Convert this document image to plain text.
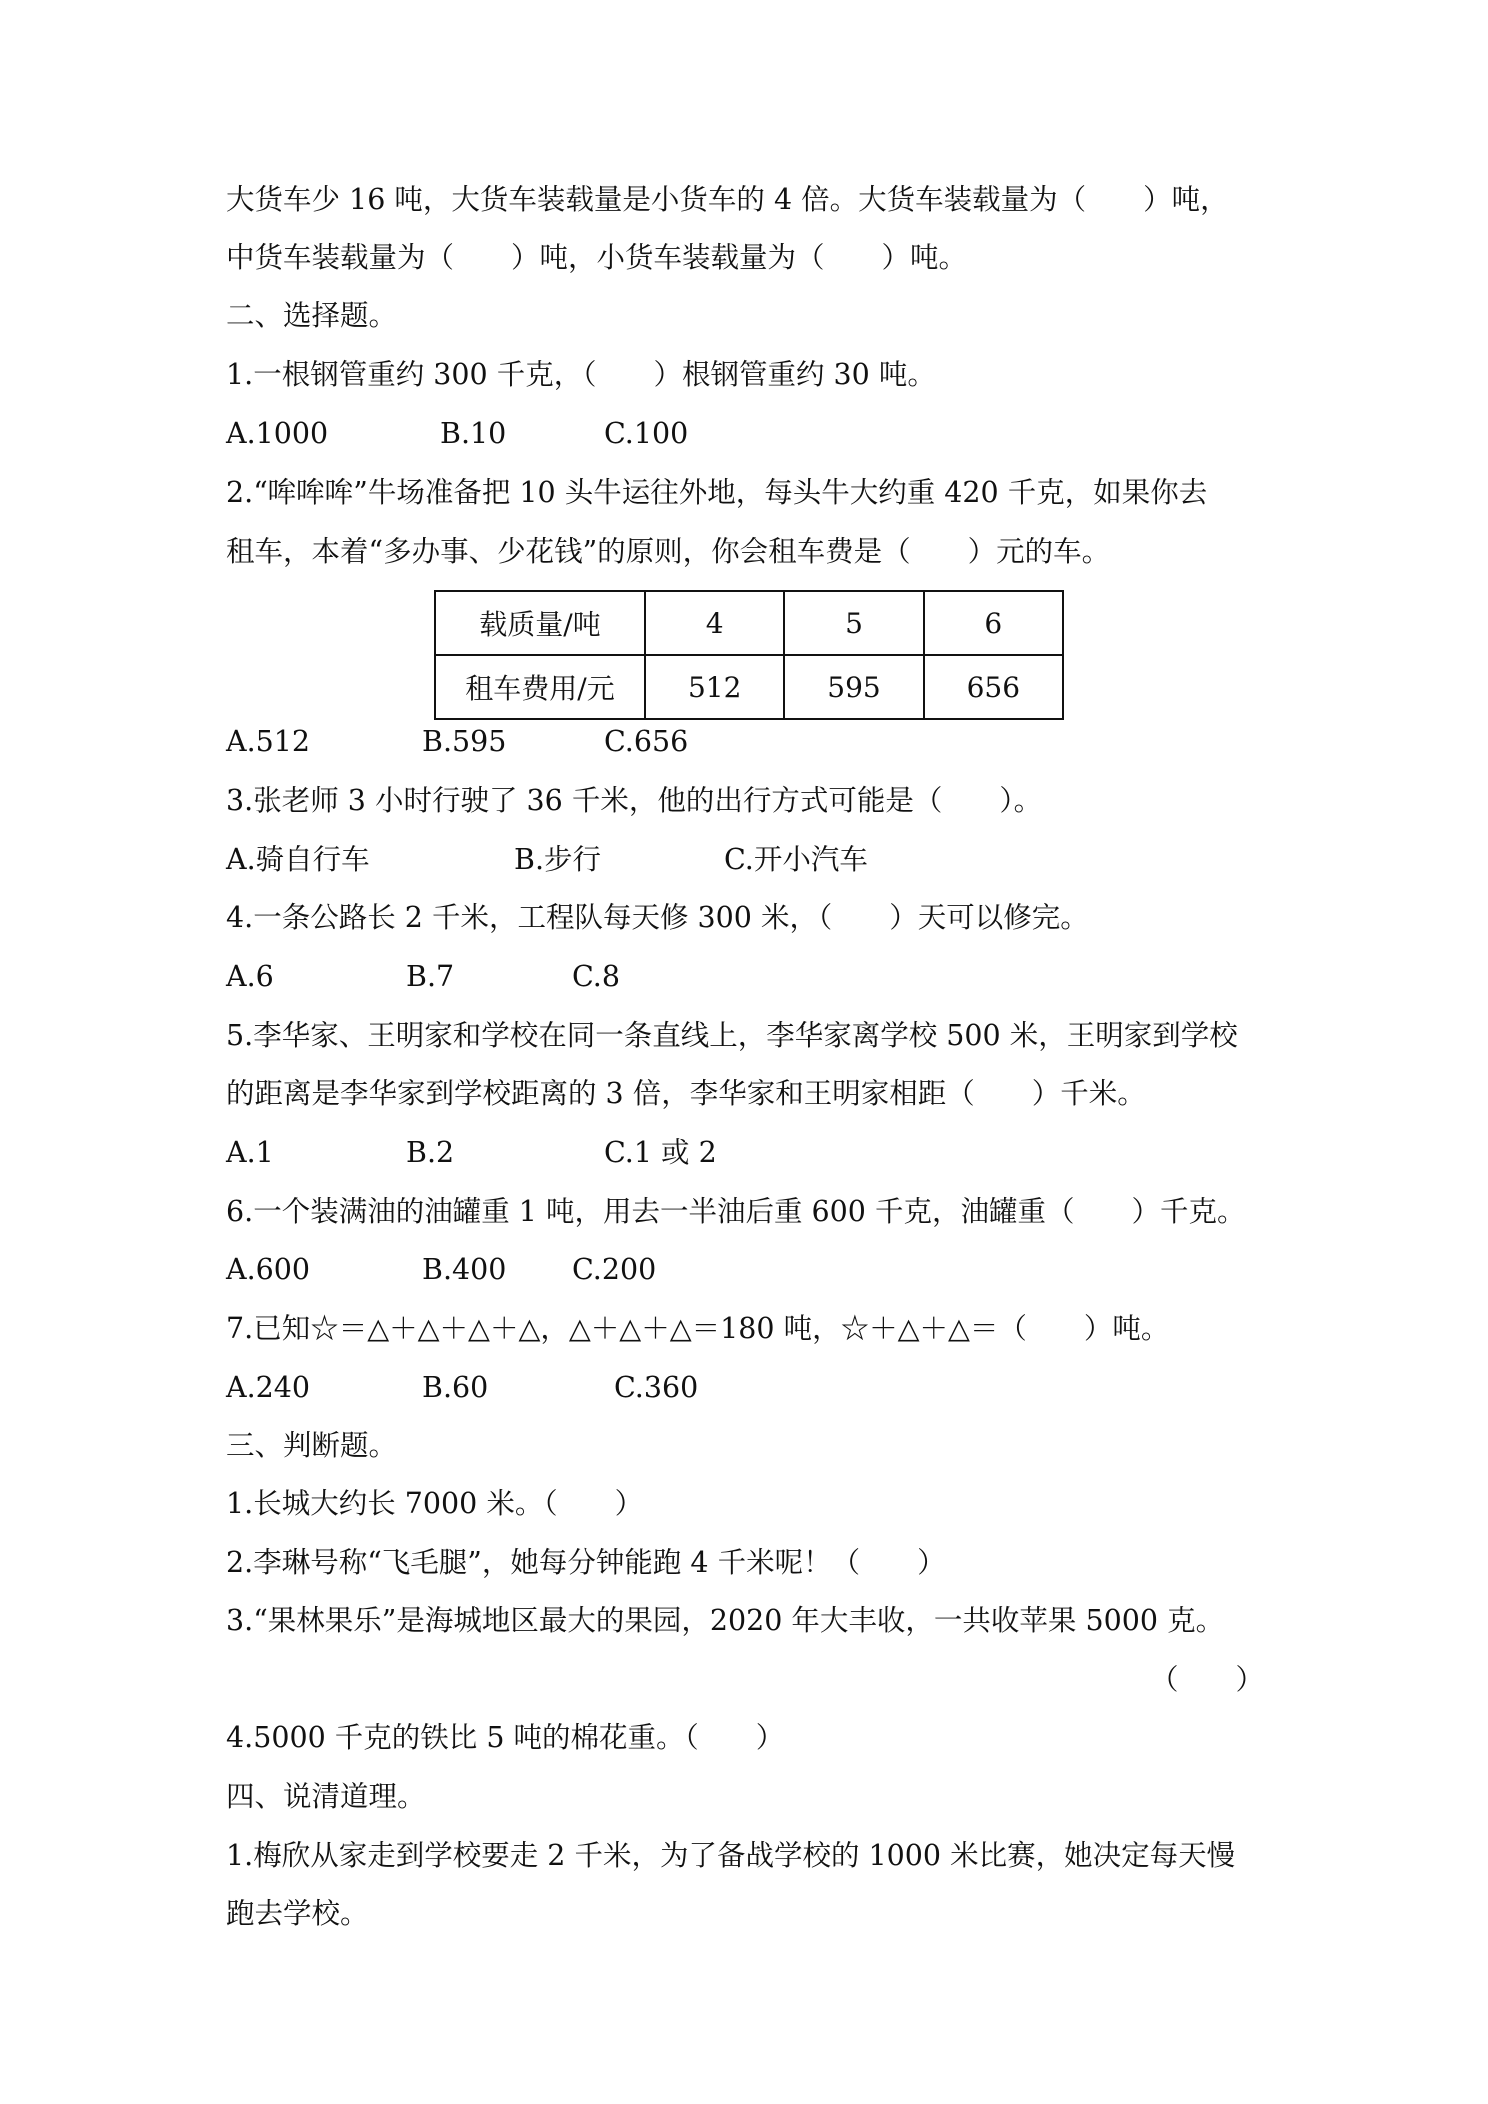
大货车少 16 吨，大货车装载量是小货车的 4 倍。大货车装载量为（　　）吨，
中货车装载量为（　　）吨，小货车装载量为（　　）吨。
二、选择题。
1.一根钢管重约 300 千克，（　　）根钢管重约 30 吨。
A.1000	B.10	C.100
2.“哞哞哞”牛场准备把 10 头牛运往外地，每头牛大约重 420 千克，如果你去
租车，本着“多办事、少花钱”的原则，你会租车费是（　　）元的车。
载质量/吨	4	5	6
租车费用/元	512	595	656
A.512	B.595	C.656
3.张老师 3 小时行驶了 36 千米，他的出行方式可能是（　　）。
A.骑自行车	B.步行	C.开小汽车
4.一条公路长 2 千米，工程队每天修 300 米，（　　）天可以修完。
A.6	B.7	C.8
5.李华家、王明家和学校在同一条直线上，李华家离学校 500 米，王明家到学校
的距离是李华家到学校距离的 3 倍，李华家和王明家相距（　　）千米。
A.1	B.2	C.1 或 2
6.一个装满油的油罐重 1 吨，用去一半油后重 600 千克，油罐重（　　）千克。
A.600	B.400 C.200
7.已知☆＝△＋△＋△＋△，△＋△＋△＝180 吨，☆＋△＋△＝（　　）吨。
A.240	B.60	C.360
三、判断题。
1.长城大约长 7000 米。（　　）
2.李琳号称“飞毛腿”，她每分钟能跑 4 千米呢！（　　）
3.“果林果乐”是海城地区最大的果园，2020 年大丰收，一共收苹果 5000 克。
（　　）
4.5000 千克的铁比 5 吨的棉花重。（　　）
四、说清道理。
1.梅欣从家走到学校要走 2 千米，为了备战学校的 1000 米比赛，她决定每天慢
跑去学校。
